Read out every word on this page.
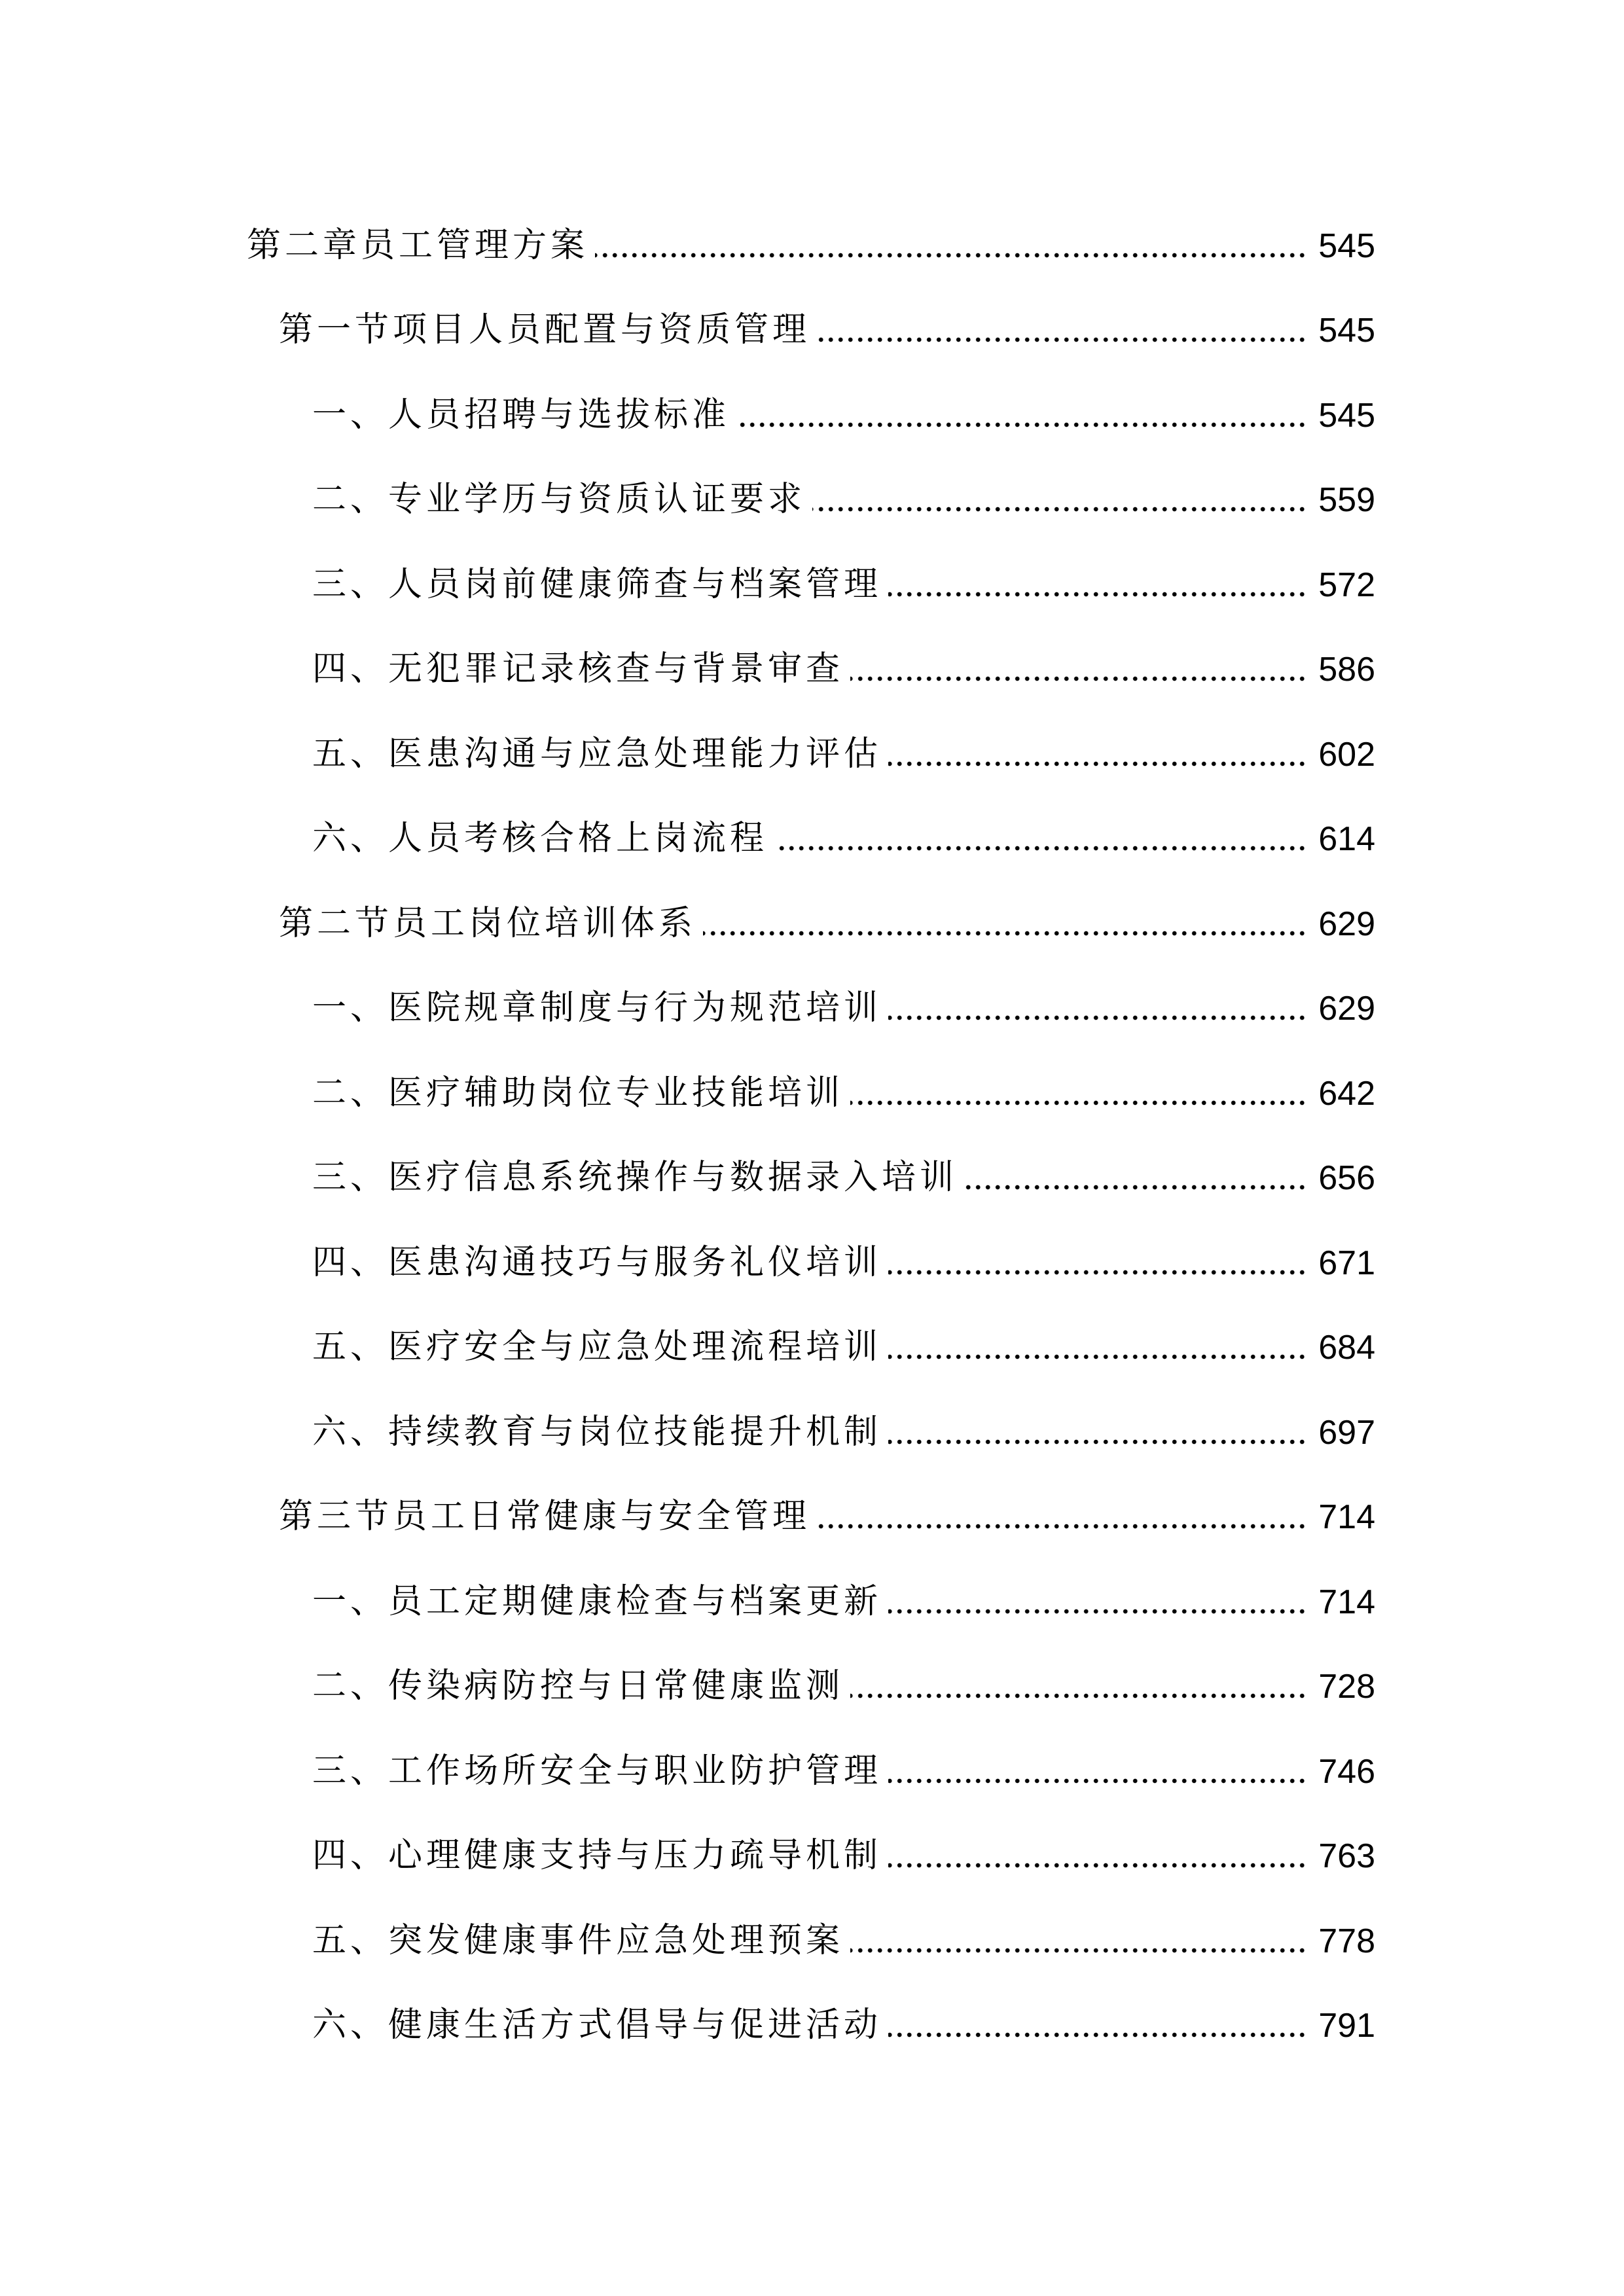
第二章员工管理方案	545
第一节项目人员配置与资质管理	545
一、人员招聘与选拔标准	545
二、专业学历与资质认证要求	559
三、人员岗前健康筛查与档案管理	572
四、无犯罪记录核查与背景审查	586
五、医患沟通与应急处理能力评估	602
六、人员考核合格上岗流程	614
第二节员工岗位培训体系	629
一、医院规章制度与行为规范培训	629
二、医疗辅助岗位专业技能培训	642
三、医疗信息系统操作与数据录入培训	656
四、医患沟通技巧与服务礼仪培训	671
五、医疗安全与应急处理流程培训	684
六、持续教育与岗位技能提升机制	697
第三节员工日常健康与安全管理	714
一、员工定期健康检查与档案更新	714
二、传染病防控与日常健康监测	728
三、工作场所安全与职业防护管理	746
四、心理健康支持与压力疏导机制	763
五、突发健康事件应急处理预案	778
六、健康生活方式倡导与促进活动	791
